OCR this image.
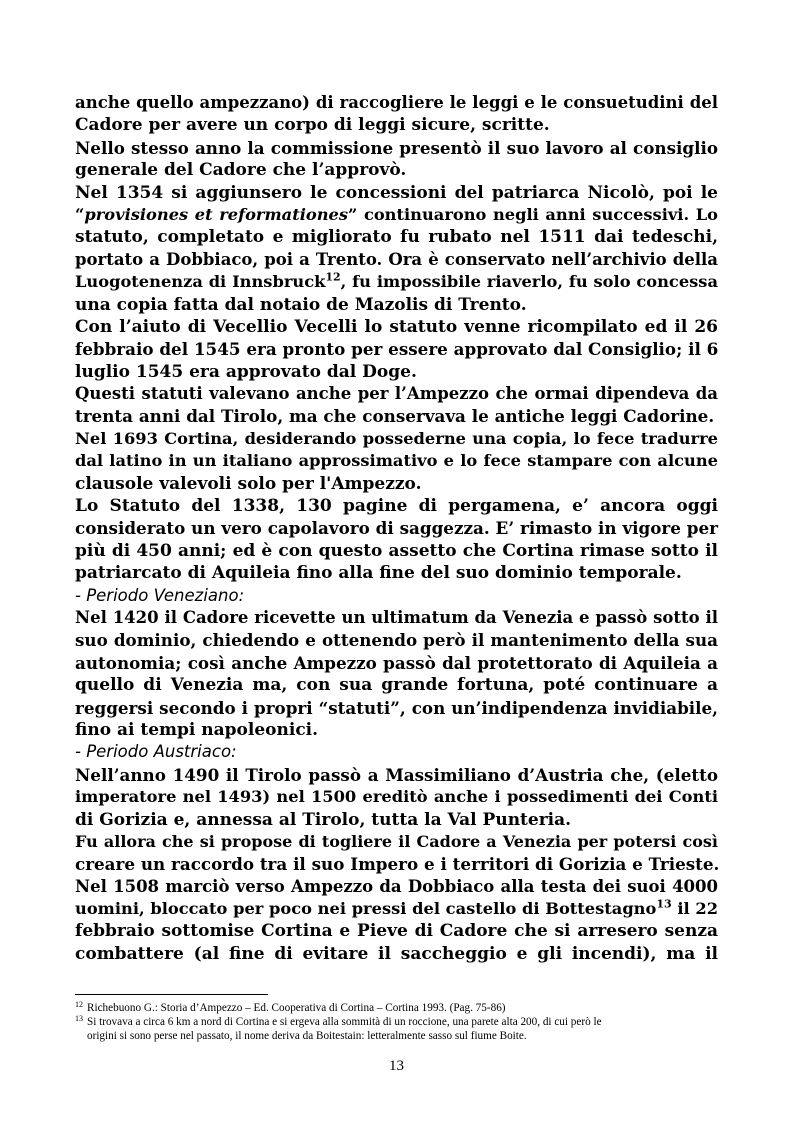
anche quello ampezzano) di raccogliere le leggi e le consuetudini del
Cadore per avere un corpo di leggi sicure, scritte.
Nello stesso anno la commissione presentò il suo lavoro al consiglio
generale del Cadore che l’approvò.
Nel 1354 si aggiunsero le concessioni del patriarca Nicolò, poi le
“provisiones et reformationes” continuarono negli anni successivi. Lo
statuto, completato e migliorato fu rubato nel 1511 dai tedeschi,
portato a Dobbiaco, poi a Trento. Ora è conservato nell’archivio della
Luogotenenza di Innsbruck$^{12}$, fu impossibile riaverlo, fu solo concessa
una copia fatta dal notaio de Mazolis di Trento.
Con l’aiuto di Vecellio Vecelli lo statuto venne ricompilato ed il 26
febbraio del 1545 era pronto per essere approvato dal Consiglio; il 6
luglio 1545 era approvato dal Doge.
Questi statuti valevano anche per l’Ampezzo che ormai dipendeva da
trenta anni dal Tirolo, ma che conservava le antiche leggi Cadorine.
Nel 1693 Cortina, desiderando possederne una copia, lo fece tradurre
dal latino in un italiano approssimativo e lo fece stampare con alcune
clausole valevoli solo per l'Ampezzo.
Lo Statuto del 1338, 130 pagine di pergamena, e’ ancora oggi
considerato un vero capolavoro di saggezza. E’ rimasto in vigore per
più di 450 anni; ed è con questo assetto che Cortina rimase sotto il
patriarcato di Aquileia fino alla fine del suo dominio temporale.
- Periodo Veneziano:
Nel 1420 il Cadore ricevette un ultimatum da Venezia e passò sotto il
suo dominio, chiedendo e ottenendo però il mantenimento della sua
autonomia; così anche Ampezzo passò dal protettorato di Aquileia a
quello di Venezia ma, con sua grande fortuna, poté continuare a
reggersi secondo i propri “statuti”, con un’indipendenza invidiabile,
fino ai tempi napoleonici.
- Periodo Austriaco:
Nell’anno 1490 il Tirolo passò a Massimiliano d’Austria che, (eletto
imperatore nel 1493) nel 1500 ereditò anche i possedimenti dei Conti
di Gorizia e, annessa al Tirolo, tutta la Val Punteria.
Fu allora che si propose di togliere il Cadore a Venezia per potersi così
creare un raccordo tra il suo Impero e i territori di Gorizia e Trieste.
Nel 1508 marciò verso Ampezzo da Dobbiaco alla testa dei suoi 4000
uomini, bloccato per poco nei pressi del castello di Bottestagno$^{13}$ il 22
febbraio sottomise Cortina e Pieve di Cadore che si arresero senza
combattere (al fine di evitare il saccheggio e gli incendi), ma il
12 Richebuono G.: Storia d’Ampezzo – Ed. Cooperativa di Cortina – Cortina 1993. (Pag. 75-86)
13 Si trovava a circa 6 km a nord di Cortina e si ergeva alla sommità di un roccione, una parete alta 200, di cui però le
origini si sono perse nel passato, il nome deriva da Boitestain: letteralmente sasso sul fiume Boite.
13
